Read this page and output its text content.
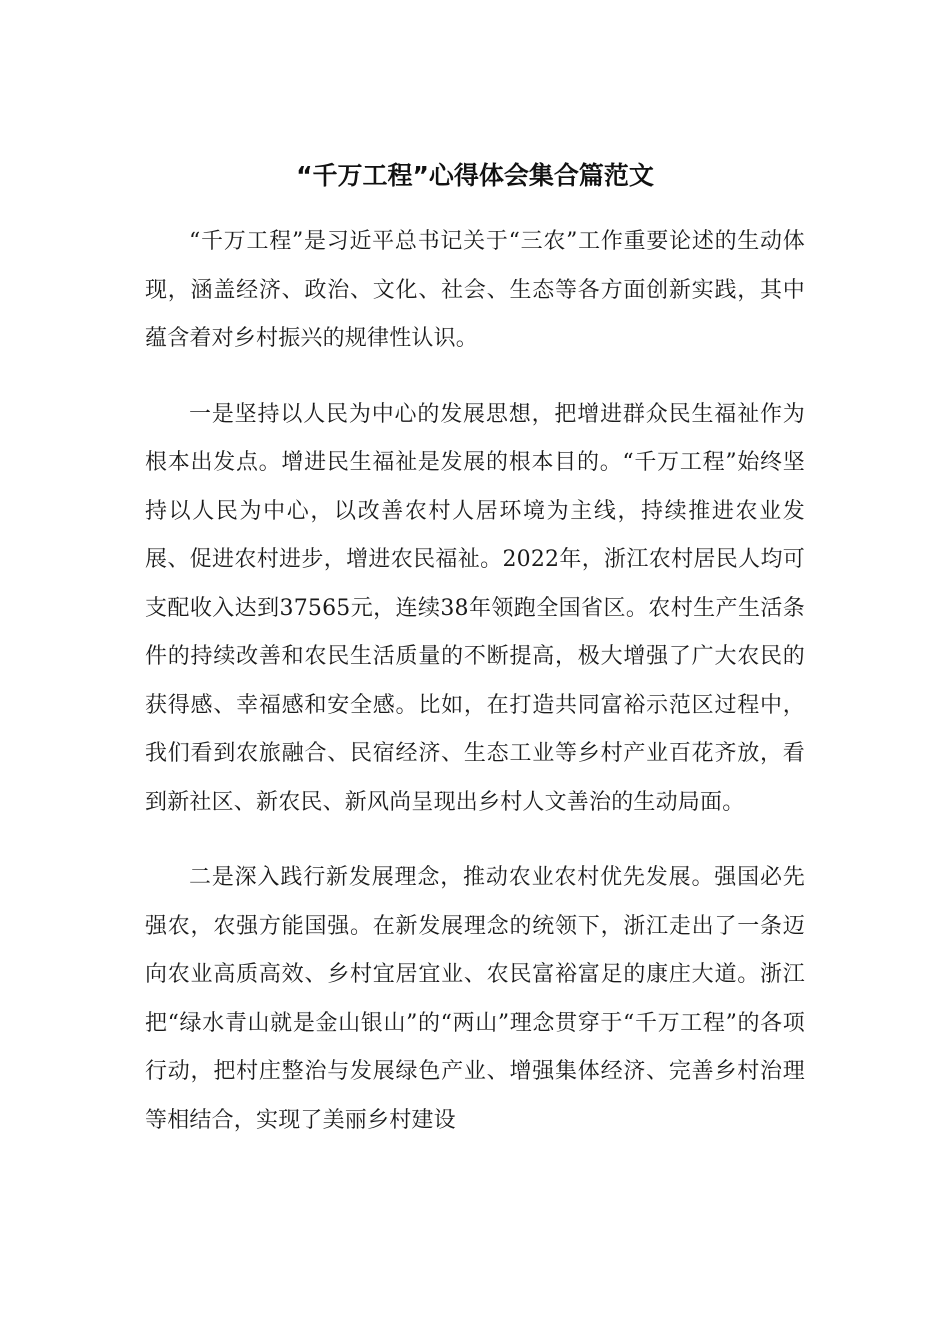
“千万工程”心得体会集合篇范文

“千万工程”是习近平总书记关于“三农”工作重要论述的生动体现，涵盖经济、政治、文化、社会、生态等各方面创新实践，其中蕴含着对乡村振兴的规律性认识。

一是坚持以人民为中心的发展思想，把增进群众民生福祉作为根本出发点。增进民生福祉是发展的根本目的。“千万工程”始终坚持以人民为中心，以改善农村人居环境为主线，持续推进农业发展、促进农村进步，增进农民福祉。2022年，浙江农村居民人均可支配收入达到37565元，连续38年领跑全国省区。农村生产生活条件的持续改善和农民生活质量的不断提高，极大增强了广大农民的获得感、幸福感和安全感。比如，在打造共同富裕示范区过程中，我们看到农旅融合、民宿经济、生态工业等乡村产业百花齐放，看到新社区、新农民、新风尚呈现出乡村人文善治的生动局面。

二是深入践行新发展理念，推动农业农村优先发展。强国必先强农，农强方能国强。在新发展理念的统领下，浙江走出了一条迈向农业高质高效、乡村宜居宜业、农民富裕富足的康庄大道。浙江把“绿水青山就是金山银山”的“两山”理念贯穿于“千万工程”的各项行动，把村庄整治与发展绿色产业、增强集体经济、完善乡村治理等相结合，实现了美丽乡村建设
